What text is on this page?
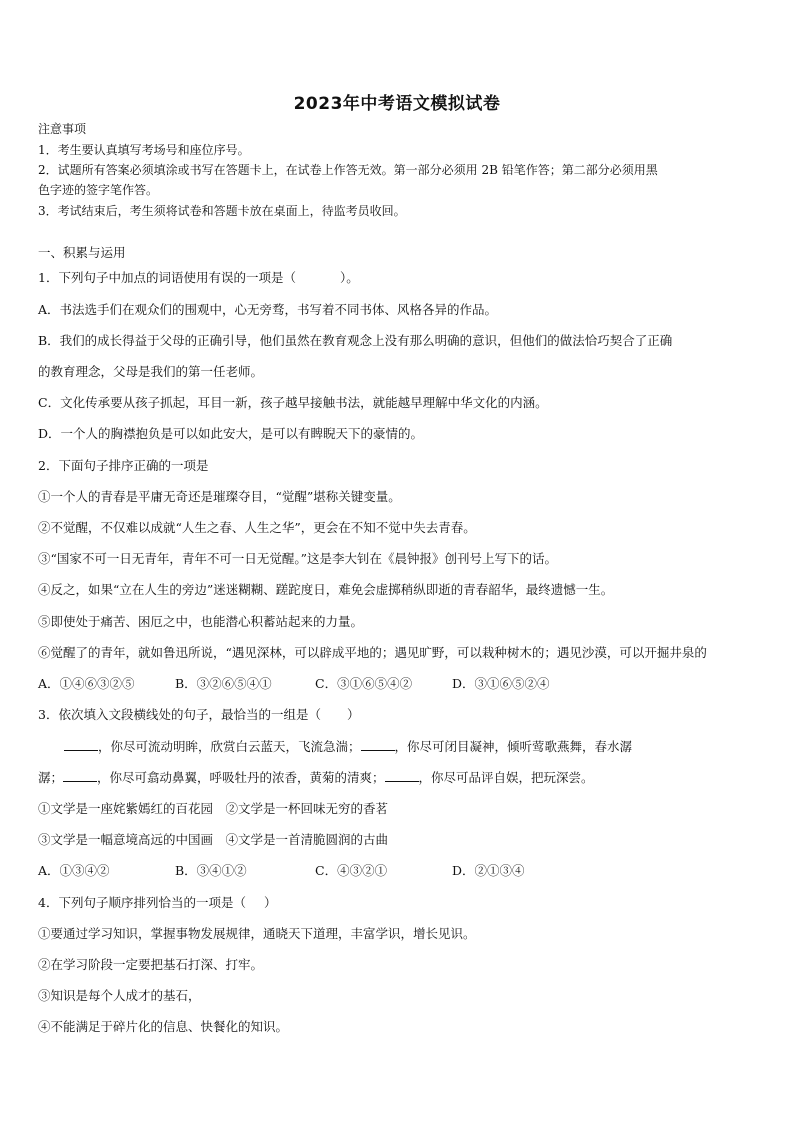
2023年中考语文模拟试卷
注意事项
1．考生要认真填写考场号和座位序号。
2．试题所有答案必须填涂或书写在答题卡上，在试卷上作答无效。第一部分必须用 2B 铅笔作答；第二部分必须用黑
色字迹的签字笔作答。
3．考试结束后，考生须将试卷和答题卡放在桌面上，待监考员收回。
一、积累与运用
1．下列句子中加点的词语使用有误的一项是（	）。
A．书法选手们在观众们的围观中，心无旁骛，书写着不同书体、风格各异的作品。
B．我们的成长得益于父母的正确引导，他们虽然在教育观念上没有那么明确的意识，但他们的做法恰巧契合了正确
的教育理念，父母是我们的第一任老师。
C．文化传承要从孩子抓起，耳目一新，孩子越早接触书法，就能越早理解中华文化的内涵。
D．一个人的胸襟抱负是可以如此安大，是可以有睥睨天下的豪情的。
2．下面句子排序正确的一项是
①一个人的青春是平庸无奇还是璀璨夺目，“觉醒”堪称关键变量。
②不觉醒，不仅难以成就“人生之春、人生之华”，更会在不知不觉中失去青春。
③“国家不可一日无青年，青年不可一日无觉醒。”这是李大钊在《晨钟报》创刊号上写下的话。
④反之，如果“立在人生的旁边”迷迷糊糊、蹉跎度日，难免会虚掷稍纵即逝的青春韶华，最终遗憾一生。
⑤即使处于痛苦、困厄之中，也能潜心积蓄站起来的力量。
⑥觉醒了的青年，就如鲁迅所说，“遇见深林，可以辟成平地的；遇见旷野，可以栽种树木的；遇见沙漠，可以开掘井泉的
A．①④⑥③②⑤	B．③②⑥⑤④①	C．③①⑥⑤④②	D．③①⑥⑤②④
3．依次填入文段横线处的句子，最恰当的一组是（ ）
，你尽可流动明眸，欣赏白云蓝天，飞流急湍；	，你尽可闭目凝神，倾听莺歌燕舞，春水潺
潺；	，你尽可翕动鼻翼，呼吸牡丹的浓香，黄菊的清爽；	，你尽可品评自娱，把玩深尝。
①文学是一座姹紫嫣红的百花园　②文学是一杯回味无穷的香茗
③文学是一幅意境高远的中国画　④文学是一首清脆圆润的古曲
A．①③④②	B．③④①②	C．④③②①	D．②①③④
4．下列句子顺序排列恰当的一项是（ ）
①要通过学习知识，掌握事物发展规律，通晓天下道理，丰富学识，增长见识。
②在学习阶段一定要把基石打深、打牢。
③知识是每个人成才的基石，
④不能满足于碎片化的信息、快餐化的知识。
